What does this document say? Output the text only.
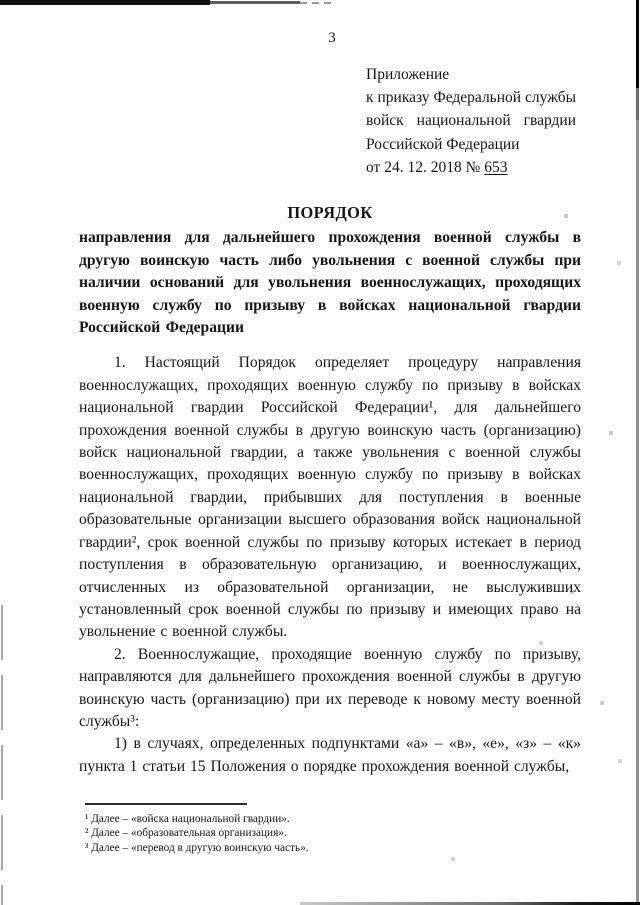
3
Приложение
к приказу Федеральной службы
войск национальной гвардии
Российской Федерации
от 24. 12. 2018 № 653
ПОРЯДОК

направления для дальнейшего прохождения военной службы в другую воинскую часть либо увольнения с военной службы при наличии оснований для увольнения военнослужащих, проходящих военную службу по призыву в войсках национальной гвардии Российской Федерации

1. Настоящий Порядок определяет процедуру направления военнослужащих, проходящих военную службу по призыву в войсках национальной гвардии Российской Федерации¹, для дальнейшего прохождения военной службы в другую воинскую часть (организацию) войск национальной гвардии, а также увольнения с военной службы военнослужащих, проходящих военную службу по призыву в войсках национальной гвардии, прибывших для поступления в военные образовательные организации высшего образования войск национальной гвардии², срок военной службы по призыву которых истекает в период поступления в образовательную организацию, и военнослужащих, отчисленных из образовательной организации, не выслуживших установленный срок военной службы по призыву и имеющих право на увольнение с военной службы.

2. Военнослужащие, проходящие военную службу по призыву, направляются для дальнейшего прохождения военной службы в другую воинскую часть (организацию) при их переводе к новому месту военной службы³:

1) в случаях, определенных подпунктами «а» – «в», «е», «з» – «к» пункта 1 статьи 15 Положения о порядке прохождения военной службы,

¹ Далее – «войска национальной гвардии».
² Далее – «образовательная организация».
³ Далее – «перевод в другую воинскую часть».
